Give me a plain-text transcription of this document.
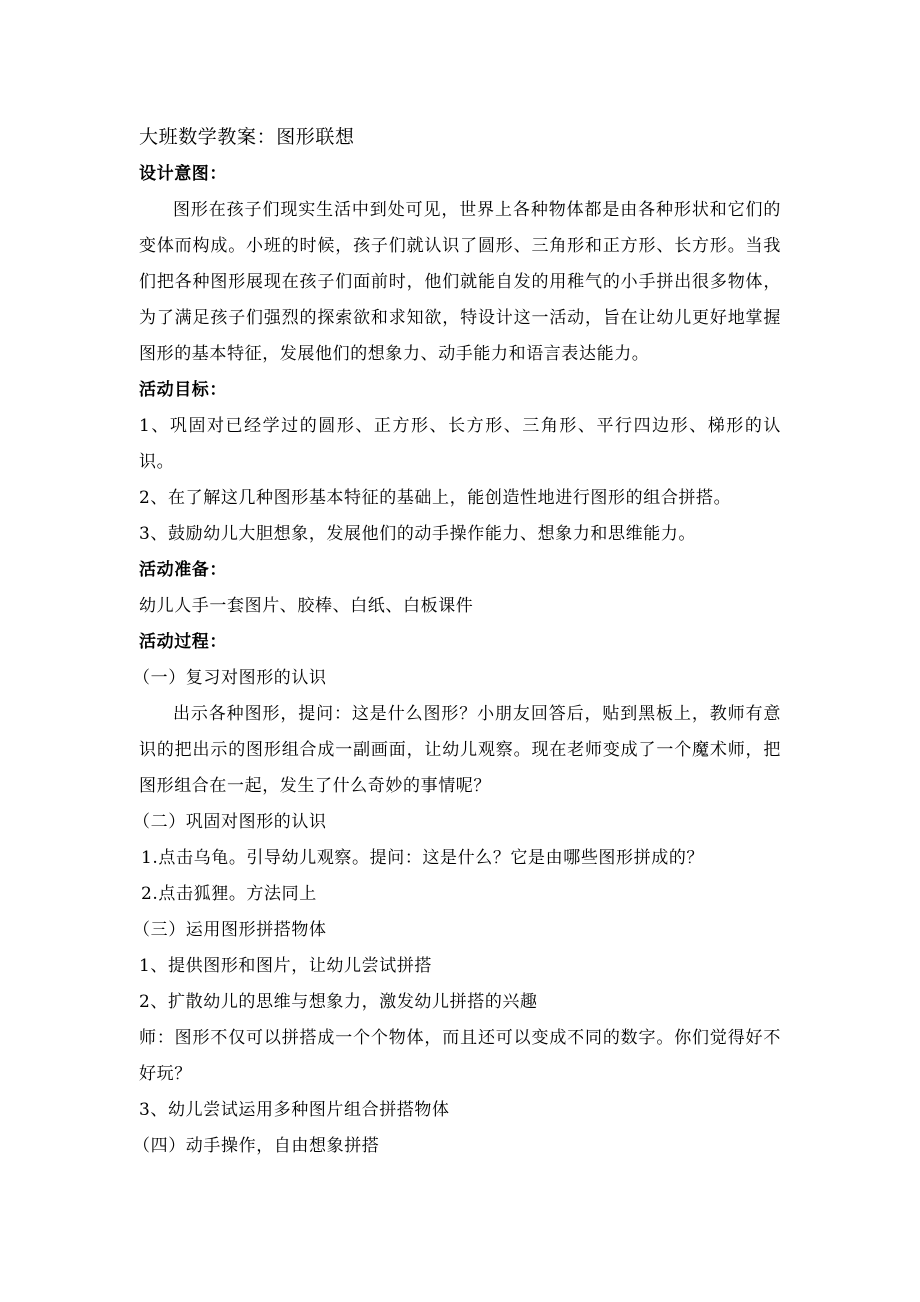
大班数学教案：图形联想
设计意图：
图形在孩子们现实生活中到处可见，世界上各种物体都是由各种形状和它们的变体而构成。小班的时候，孩子们就认识了圆形、三角形和正方形、长方形。当我们把各种图形展现在孩子们面前时，他们就能自发的用稚气的小手拼出很多物体，为了满足孩子们强烈的探索欲和求知欲，特设计这一活动，旨在让幼儿更好地掌握图形的基本特征，发展他们的想象力、动手能力和语言表达能力。
活动目标：
1、巩固对已经学过的圆形、正方形、长方形、三角形、平行四边形、梯形的认识。
2、在了解这几种图形基本特征的基础上，能创造性地进行图形的组合拼搭。
3、鼓励幼儿大胆想象，发展他们的动手操作能力、想象力和思维能力。
活动准备：
幼儿人手一套图片、胶棒、白纸、白板课件
活动过程：
（一）复习对图形的认识
出示各种图形，提问：这是什么图形？小朋友回答后，贴到黑板上，教师有意识的把出示的图形组合成一副画面，让幼儿观察。现在老师变成了一个魔术师，把图形组合在一起，发生了什么奇妙的事情呢？
（二）巩固对图形的认识
1.点击乌龟。引导幼儿观察。提问：这是什么？它是由哪些图形拼成的？
2.点击狐狸。方法同上
（三）运用图形拼搭物体
1、提供图形和图片，让幼儿尝试拼搭
2、扩散幼儿的思维与想象力，激发幼儿拼搭的兴趣
师：图形不仅可以拼搭成一个个物体，而且还可以变成不同的数字。你们觉得好不好玩？
3、幼儿尝试运用多种图片组合拼搭物体
（四）动手操作，自由想象拼搭
